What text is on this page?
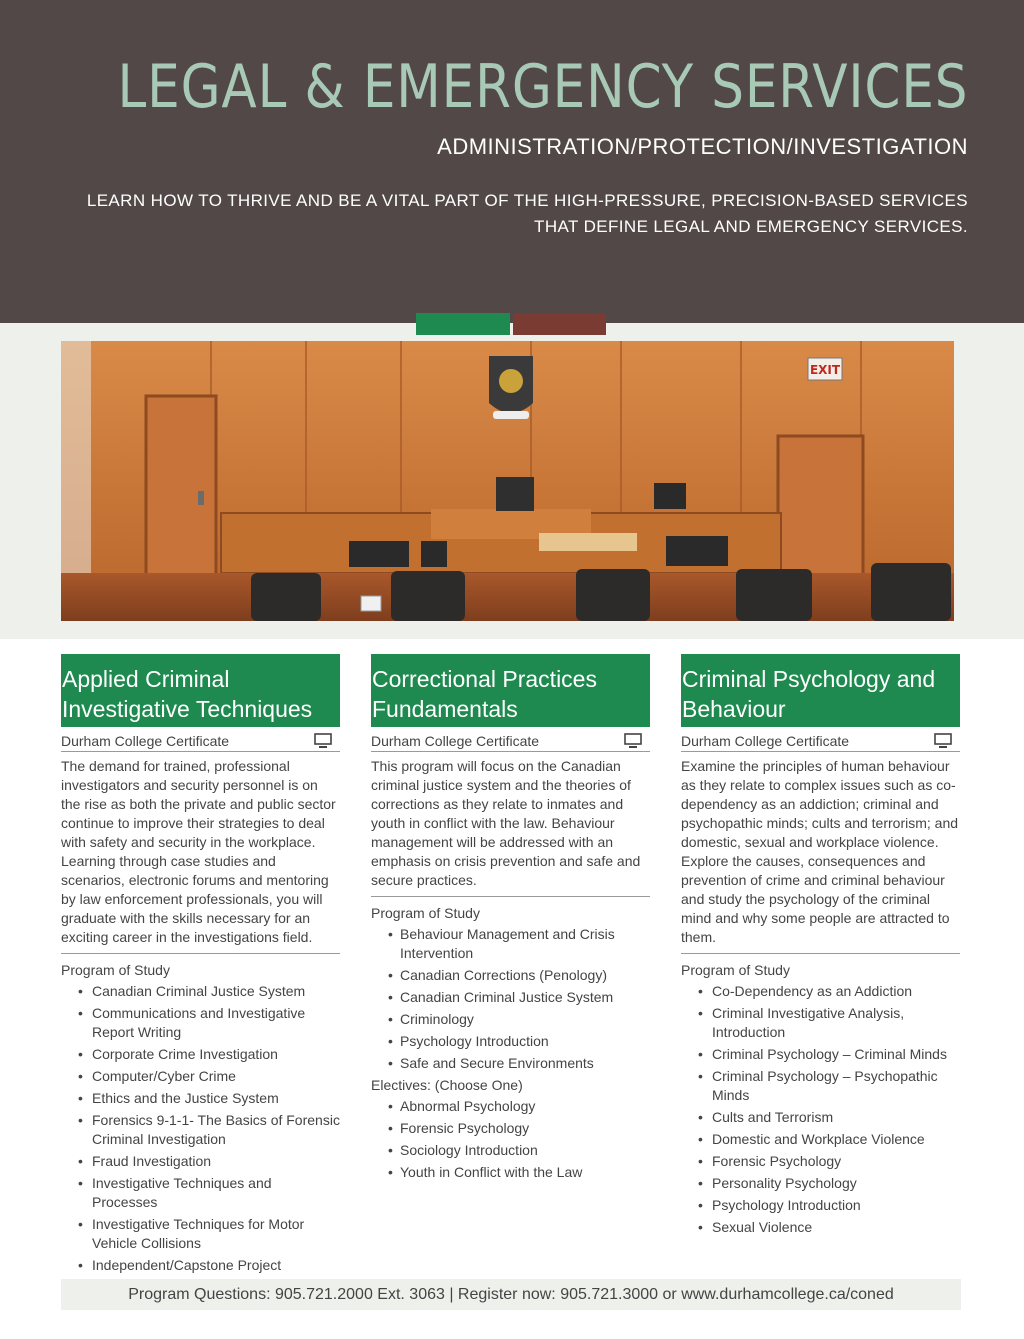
LEGAL & EMERGENCY SERVICES
ADMINISTRATION/PROTECTION/INVESTIGATION
LEARN HOW TO THRIVE AND BE A VITAL PART OF THE HIGH-PRESSURE, PRECISION-BASED SERVICES THAT DEFINE LEGAL AND EMERGENCY SERVICES.
EXIT
Applied Criminal Investigative Techniques
Durham College Certificate
The demand for trained, professional investigators and security personnel is on the rise as both the private and public sector continue to improve their strategies to deal with safety and security in the workplace. Learning through case studies and scenarios, electronic forums and mentoring by law enforcement professionals, you will graduate with the skills necessary for an exciting career in the investigations field.
Program of Study
• Canadian Criminal Justice System
• Communications and Investigative Report Writing
• Corporate Crime Investigation
• Computer/Cyber Crime
• Ethics and the Justice System
• Forensics 9-1-1- The Basics of Forensic Criminal Investigation
• Fraud Investigation
• Investigative Techniques and Processes
• Investigative Techniques for Motor Vehicle Collisions
• Independent/Capstone Project
Correctional Practices Fundamentals
Durham College Certificate
This program will focus on the Canadian criminal justice system and the theories of corrections as they relate to inmates and youth in conflict with the law. Behaviour management will be addressed with an emphasis on crisis prevention and safe and secure practices.
Program of Study
• Behaviour Management and Crisis Intervention
• Canadian Corrections (Penology)
• Canadian Criminal Justice System
• Criminology
• Psychology Introduction
• Safe and Secure Environments
Electives: (Choose One)
• Abnormal Psychology
• Forensic Psychology
• Sociology Introduction
• Youth in Conflict with the Law
Criminal Psychology and Behaviour
Durham College Certificate
Examine the principles of human behaviour as they relate to complex issues such as co-dependency as an addiction; criminal and psychopathic minds; cults and terrorism; and domestic, sexual and workplace violence. Explore the causes, consequences and prevention of crime and criminal behaviour and study the psychology of the criminal mind and why some people are attracted to them.
Program of Study
• Co-Dependency as an Addiction
• Criminal Investigative Analysis, Introduction
• Criminal Psychology – Criminal Minds
• Criminal Psychology – Psychopathic Minds
• Cults and Terrorism
• Domestic and Workplace Violence
• Forensic Psychology
• Personality Psychology
• Psychology Introduction
• Sexual Violence
Program Questions: 905.721.2000 Ext. 3063 | Register now: 905.721.3000 or www.durhamcollege.ca/coned
